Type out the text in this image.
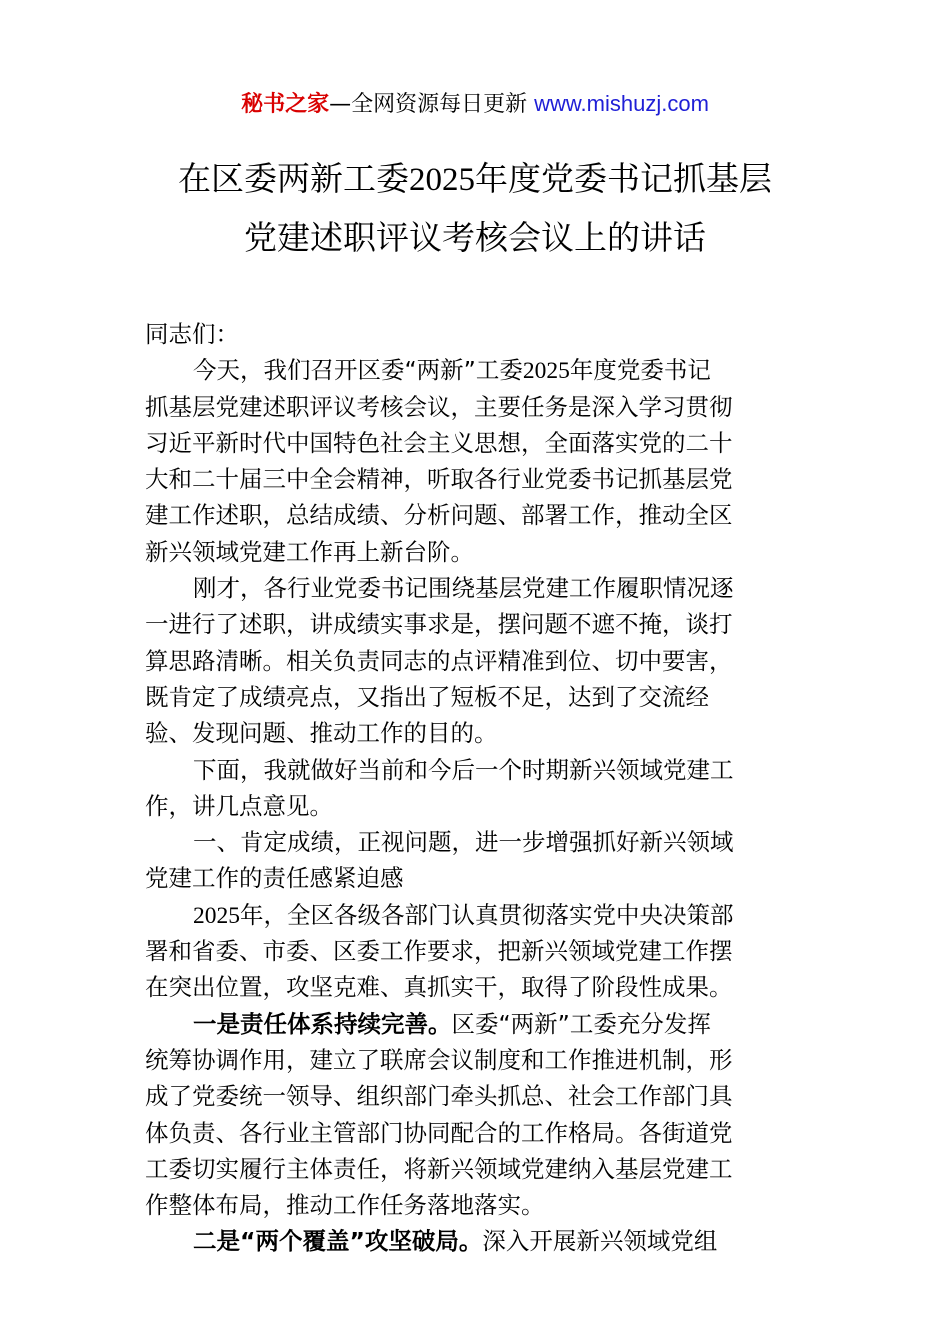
秘书之家—全网资源每日更新 www.mishuzj.com
在区委两新工委2025年度党委书记抓基层
党建述职评议考核会议上的讲话
同志们：
今天，我们召开区委“两新”工委2025年度党委书记
抓基层党建述职评议考核会议，主要任务是深入学习贯彻
习近平新时代中国特色社会主义思想，全面落实党的二十
大和二十届三中全会精神，听取各行业党委书记抓基层党
建工作述职，总结成绩、分析问题、部署工作，推动全区
新兴领域党建工作再上新台阶。
刚才，各行业党委书记围绕基层党建工作履职情况逐
一进行了述职，讲成绩实事求是，摆问题不遮不掩，谈打
算思路清晰。相关负责同志的点评精准到位、切中要害，
既肯定了成绩亮点，又指出了短板不足，达到了交流经
验、发现问题、推动工作的目的。
下面，我就做好当前和今后一个时期新兴领域党建工
作，讲几点意见。
一、肯定成绩，正视问题，进一步增强抓好新兴领域
党建工作的责任感紧迫感
2025年，全区各级各部门认真贯彻落实党中央决策部
署和省委、市委、区委工作要求，把新兴领域党建工作摆
在突出位置，攻坚克难、真抓实干，取得了阶段性成果。
一是责任体系持续完善。区委“两新”工委充分发挥
统筹协调作用，建立了联席会议制度和工作推进机制，形
成了党委统一领导、组织部门牵头抓总、社会工作部门具
体负责、各行业主管部门协同配合的工作格局。各街道党
工委切实履行主体责任，将新兴领域党建纳入基层党建工
作整体布局，推动工作任务落地落实。
二是“两个覆盖”攻坚破局。深入开展新兴领域党组
